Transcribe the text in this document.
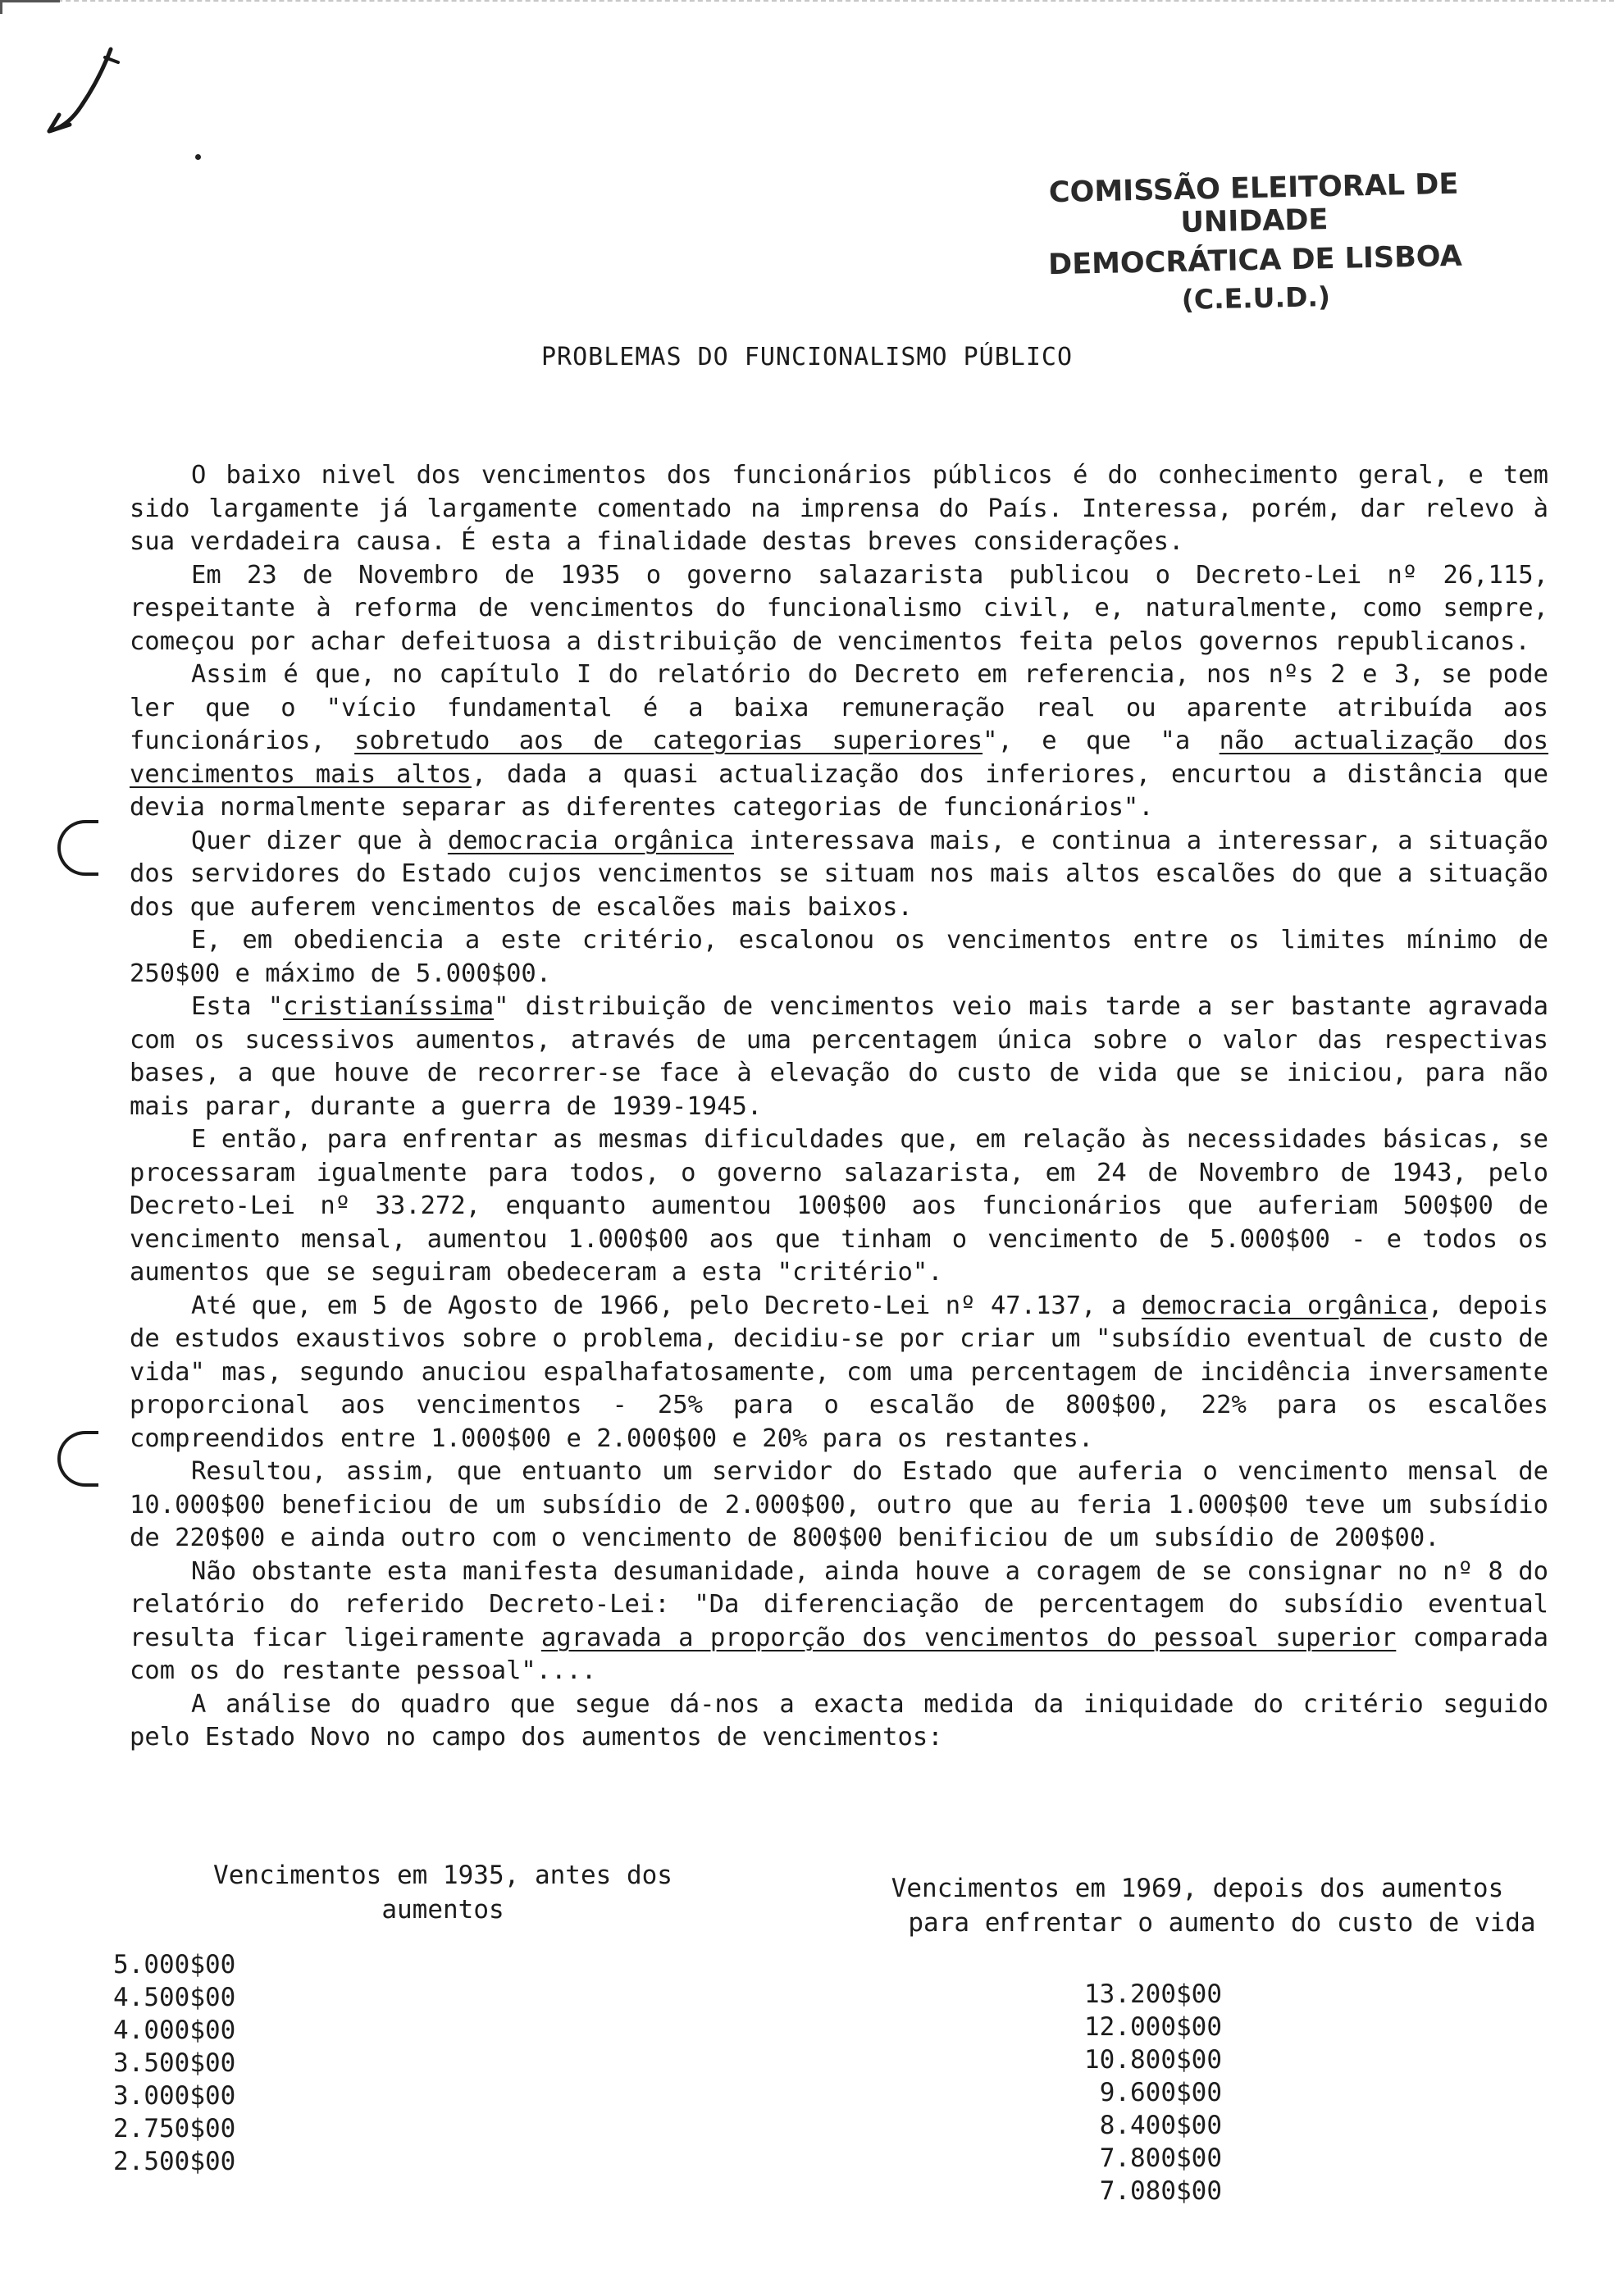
COMISSÃO ELEITORAL DE UNIDADE
DEMOCRÁTICA DE LISBOA
(C.E.U.D.)
PROBLEMAS DO FUNCIONALISMO PÚBLICO

O baixo nivel dos vencimentos dos funcionários públicos é do conhecimento geral, e tem sido largamente já largamente comentado na imprensa do País. Interessa, porém, dar relevo à sua verdadeira causa. É esta a finalidade destas breves considerações.

Em 23 de Novembro de 1935 o governo salazarista publicou o Decreto-Lei nº 26,115, respeitante à reforma de vencimentos do funcionalismo civil, e, naturalmente, como sempre, começou por achar defeituosa a distribuição de vencimentos feita pelos governos republicanos.

Assim é que, no capítulo I do relatório do Decreto em referencia, nos nºs 2 e 3, se pode ler que o "vício fundamental é a baixa remuneração real ou aparente atribuída aos funcionários, sobretudo aos de categorias superiores", e que "a não actualização dos vencimentos mais altos, dada a quasi actualização dos inferiores, encurtou a distância que devia normalmente separar as diferentes categorias de funcionários".

Quer dizer que à democracia orgânica interessava mais, e continua a interessar, a situação dos servidores do Estado cujos vencimentos se situam nos mais altos escalões do que a situação dos que auferem vencimentos de escalões mais baixos.

E, em obediencia a este critério, escalonou os vencimentos entre os limites mínimo de 250$00 e máximo de 5.000$00.

Esta "cristianíssima" distribuição de vencimentos veio mais tarde a ser bastante agravada com os sucessivos aumentos, através de uma percentagem única sobre o valor das respectivas bases, a que houve de recorrer-se face à elevação do custo de vida que se iniciou, para não mais parar, durante a guerra de 1939-1945.

E então, para enfrentar as mesmas dificuldades que, em relação às necessidades básicas, se processaram igualmente para todos, o governo salazarista, em 24 de Novembro de 1943, pelo Decreto-Lei nº 33.272, enquanto aumentou 100$00 aos funcionários que auferiam 500$00 de vencimento mensal, aumentou 1.000$00 aos que tinham o vencimento de 5.000$00 - e todos os aumentos que se seguiram obedeceram a esta "critério".

Até que, em 5 de Agosto de 1966, pelo Decreto-Lei nº 47.137, a democracia orgânica, depois de estudos exaustivos sobre o problema, decidiu-se por criar um "subsídio eventual de custo de vida" mas, segundo anuciou espalhafatosamente, com uma percentagem de incidência inversamente proporcional aos vencimentos - 25% para o escalão de 800$00, 22% para os escalões compreendidos entre 1.000$00 e 2.000$00 e 20% para os restantes.

Resultou, assim, que entuanto um servidor do Estado que auferia o vencimento mensal de 10.000$00 beneficiou de um subsídio de 2.000$00, outro que au feria 1.000$00 teve um subsídio de 220$00 e ainda outro com o vencimento de 800$00 benificiou de um subsídio de 200$00.

Não obstante esta manifesta desumanidade, ainda houve a coragem de se consignar no nº 8 do relatório do referido Decreto-Lei: "Da diferenciação de percentagem do subsídio eventual resulta ficar ligeiramente agravada a proporção dos vencimentos do pessoal superior comparada com os do restante pessoal"....

A análise do quadro que segue dá-nos a exacta medida da iniquidade do critério seguido pelo Estado Novo no campo dos aumentos de vencimentos:

Vencimentos em 1935, antes dos
aumentos
Vencimentos em 1969, depois dos aumentos
para enfrentar o aumento do custo de vida
5.000$00
4.500$00
4.000$00
3.500$00
3.000$00
2.750$00
2.500$00
13.200$00
12.000$00
10.800$00
9.600$00
8.400$00
7.800$00
7.080$00
